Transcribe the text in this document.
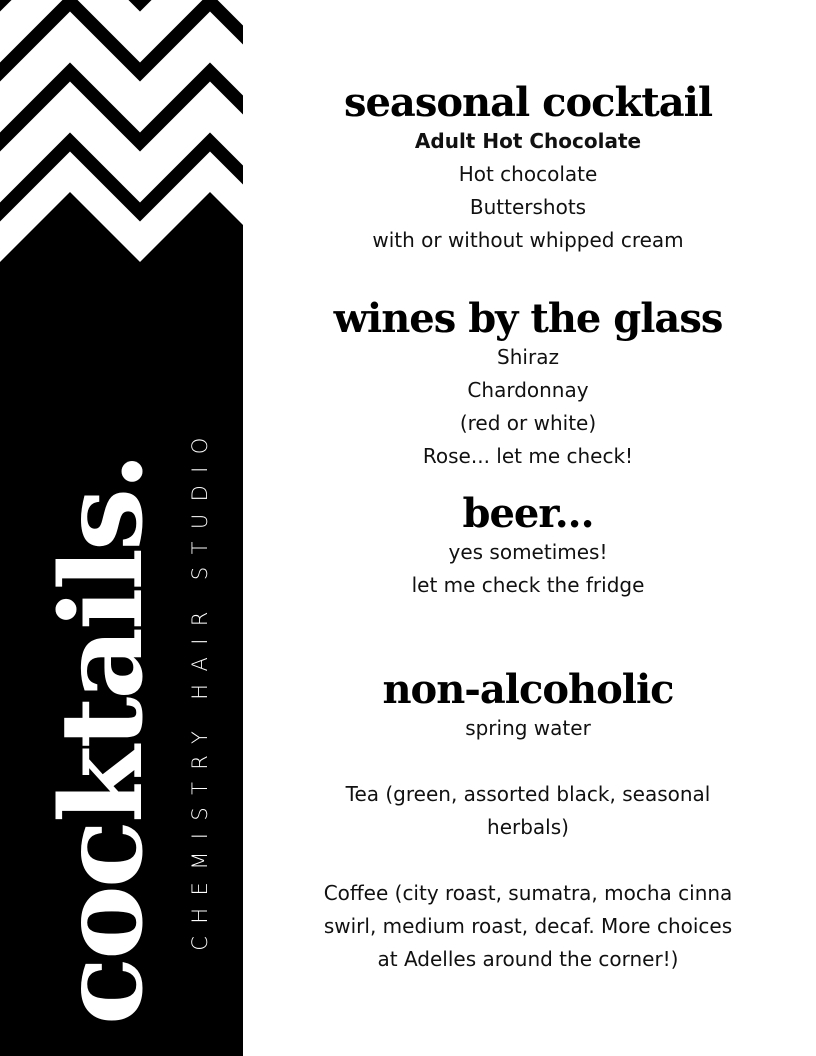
cocktails. CHEMISTRY HAIR STUDIO
seasonal cocktail

Adult Hot Chocolate

Hot chocolate

Buttershots

with or without whipped cream

wines by the glass

Shiraz

Chardonnay

(red or white)

Rose... let me check!

beer...

yes sometimes!

let me check the fridge

non-alcoholic

spring water

Tea (green, assorted black, seasonal

herbals)

Coffee (city roast, sumatra, mocha cinna

swirl, medium roast, decaf. More choices

at Adelles around the corner!)
